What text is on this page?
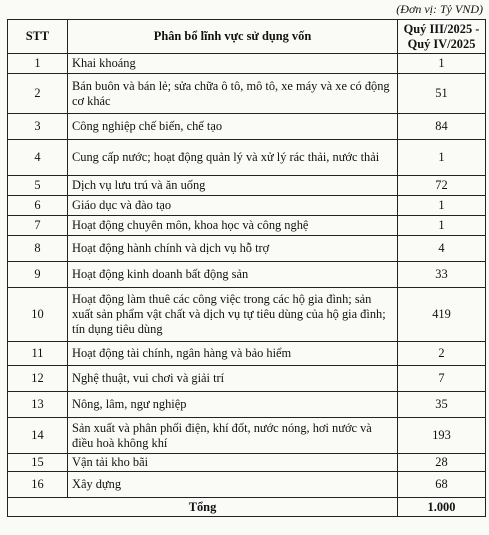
(Đơn vị: Tỷ VND)
STT	Phân bổ lĩnh vực sử dụng vốn	Quý III/2025 -
Quý IV/2025

1	Khai khoáng	1
2	Bán buôn và bán lẻ; sửa chữa ô tô, mô tô, xe máy và xe có động cơ khác	51
3	Công nghiệp chế biến, chế tạo	84
4	Cung cấp nước; hoạt động quản lý và xử lý rác thải, nước thải	1
5	Dịch vụ lưu trú và ăn uống	72
6	Giáo dục và đào tạo	1
7	Hoạt động chuyên môn, khoa học và công nghệ	1
8	Hoạt động hành chính và dịch vụ hỗ trợ	4
9	Hoạt động kinh doanh bất động sản	33
10	Hoạt động làm thuê các công việc trong các hộ gia đình; sản xuất sản phẩm vật chất và dịch vụ tự tiêu dùng của hộ gia đình; tín dụng tiêu dùng	419
11	Hoạt động tài chính, ngân hàng và bảo hiểm	2
12	Nghệ thuật, vui chơi và giải trí	7
13	Nông, lâm, ngư nghiệp	35
14	Sản xuất và phân phối điện, khí đốt, nước nóng, hơi nước và điều hoà không khí	193
15	Vận tải kho bãi	28
16	Xây dựng	68
Tổng		1.000
